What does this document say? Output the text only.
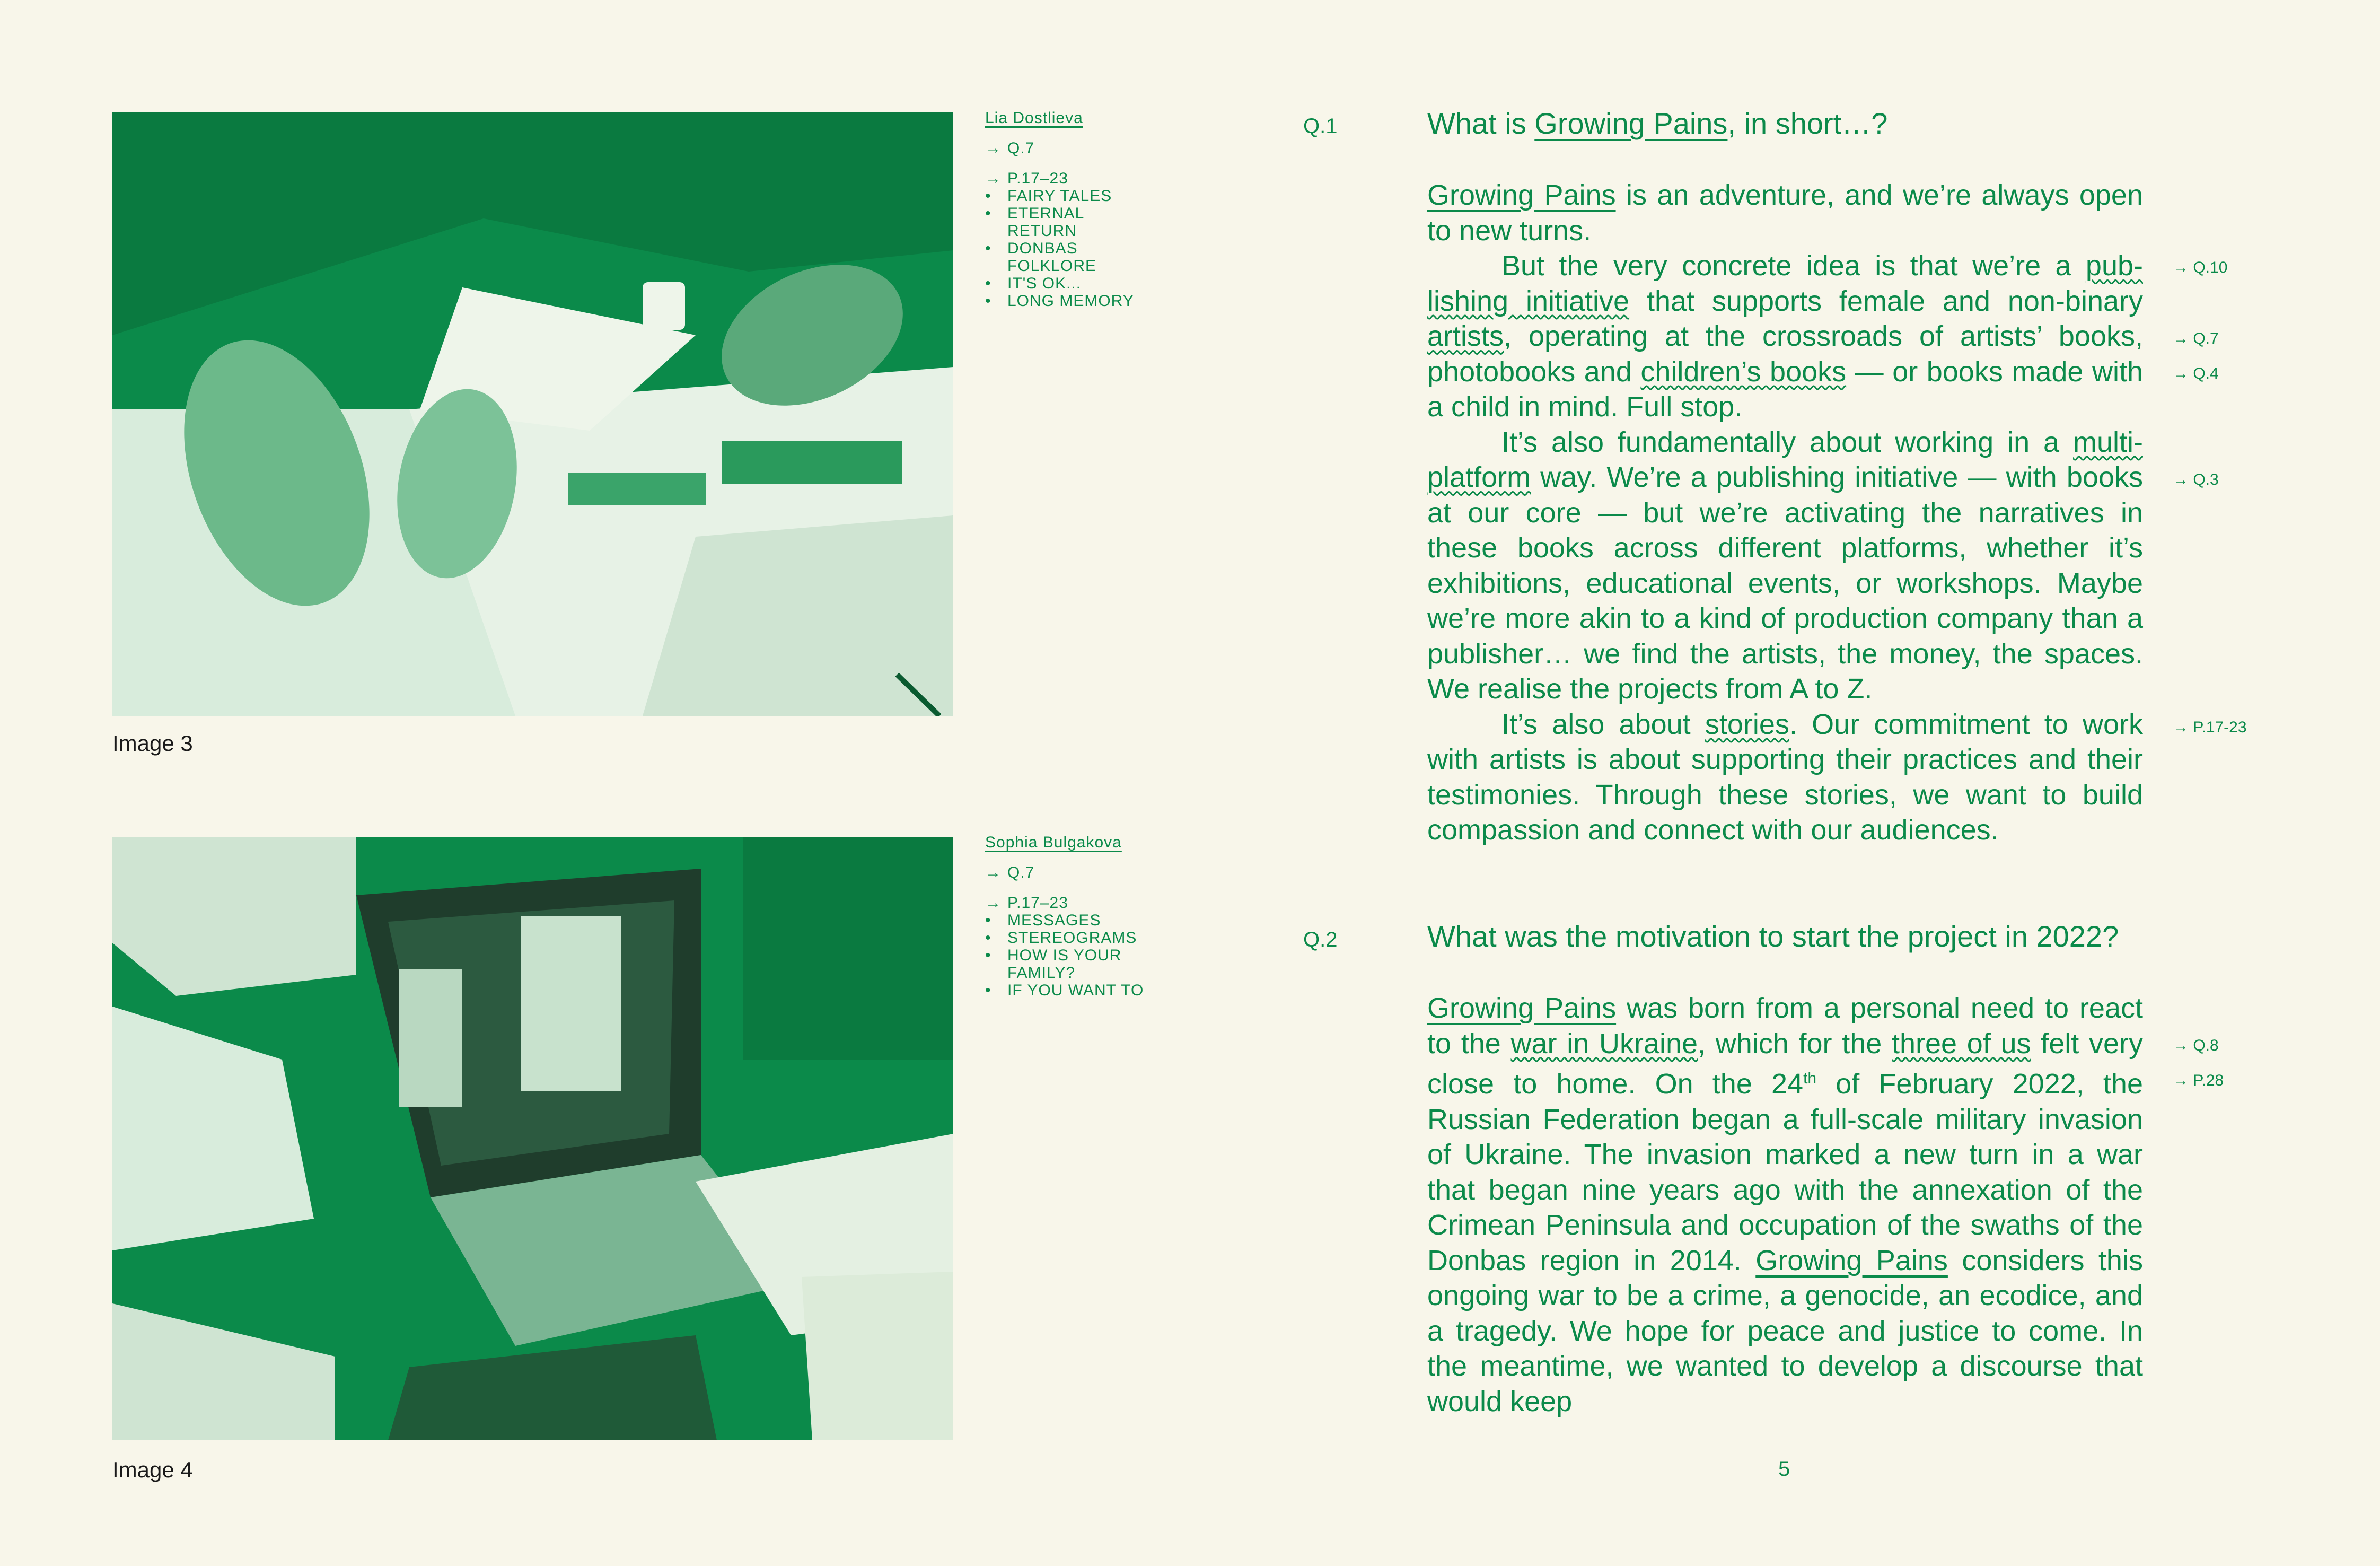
Image 3
Lia Dostlieva
→ Q.7
→ P.17–23
• FAIRY TALES
• ETERNAL RETURN
• DONBAS FOLKLORE
• IT'S OK...
• LONG MEMORY
Image 4
Sophia Bulgakova
→ Q.7
→ P.17–23
• MESSAGES
• STEREOGRAMS
• HOW IS YOUR FAMILY?
• IF YOU WANT TO
Q.1	What is Growing Pains, in short…?

Growing Pains is an adventure, and we’re always open to new turns.

But the very concrete idea is that we’re a publishing initiative that supports female and non-binary artists, operating at the crossroads of artists’ books, photobooks and children’s books — or books made with a child in mind. Full stop.

It’s also fundamentally about working in a multi-platform way. We’re a publishing initiative — with books at our core — but we’re activating the narratives in these books across different platforms, whether it’s exhibitions, educational events, or workshops. Maybe we’re more akin to a kind of production company than a publisher… we find the artists, the money, the spaces. We realise the projects from A to Z.

It’s also about stories. Our commitment to work with artists is about supporting their practices and their testimonies. Through these stories, we want to build compassion and connect with our audiences.

→ Q.10
→ Q.7
→ Q.4
→ Q.3
→ P.17-23
Q.2	What was the motivation to start the project in 2022?

Growing Pains was born from a personal need to react to the war in Ukraine, which for the three of us felt very close to home. On the 24th of February 2022, the Russian Federation began a full-scale military invasion of Ukraine. The invasion marked a new turn in a war that began nine years ago with the annexation of the Crimean Peninsula and occupation of the swaths of the Donbas region in 2014. Growing Pains considers this ongoing war to be a crime, a genocide, an ecodice, and a tragedy. We hope for peace and justice to come. In the meantime, we wanted to develop a discourse that would keep

→ Q.8
→ P.28
5
